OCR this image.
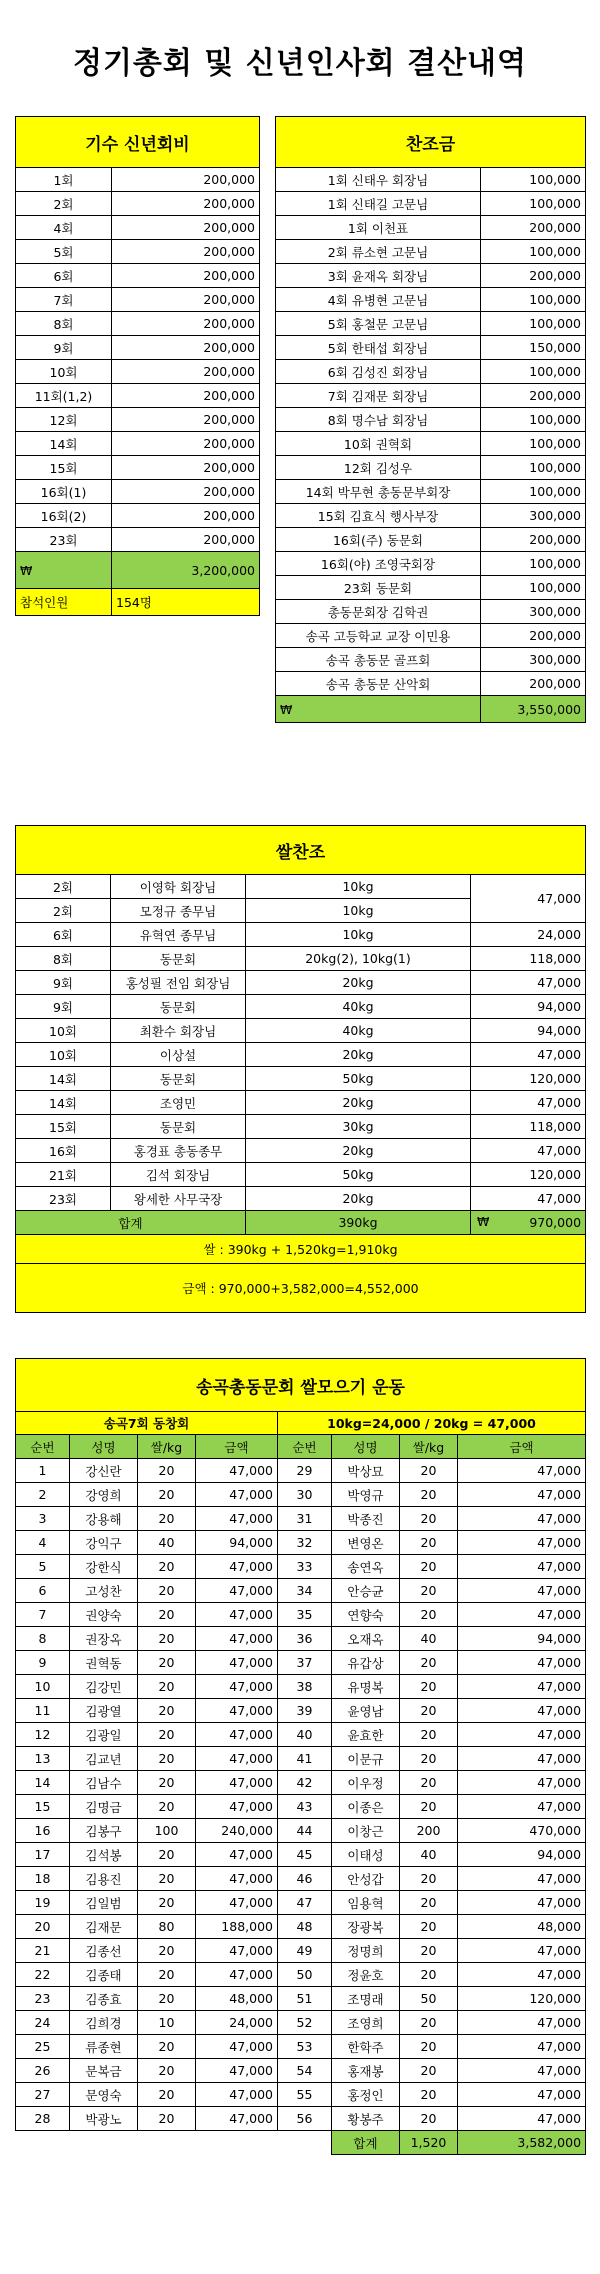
정기총회 및 신년인사회 결산내역
기수 신년회비	
1회	200,000
2회	200,000
4회	200,000
5회	200,000
6회	200,000
7회	200,000
8회	200,000
9회	200,000
10회	200,000
11회(1,2)	200,000
12회	200,000
14회	200,000
15회	200,000
16회(1)	200,000
16회(2)	200,000
23회	200,000
₩	3,200,000
참석인원	154명
찬조금	
1회 신태우 회장님	100,000
1회 신태길 고문님	100,000
1회 이천표	200,000
2회 류소현 고문님	100,000
3회 윤재옥 회장님	200,000
4회 유병현 고문님	100,000
5회 홍철문 고문님	100,000
5회 한태섭 회장님	150,000
6회 김성진 회장님	100,000
7회 김재문 회장님	200,000
8회 명수남 회장님	100,000
10회 권혁회	100,000
12회 김성우	100,000
14회 박무현 총동문부회장	100,000
15회 김효식 행사부장	300,000
16회(주) 동문회	200,000
16회(야) 조영국회장	100,000
23회 동문회	100,000
총동문회장 김학권	300,000
송곡 고등학교 교장 이민용	200,000
송곡 총동문 골프회	300,000
송곡 총동문 산악회	200,000
₩	3,550,000
쌀찬조			
2회	이영학 회장님	10kg	47,000
2회	모정규 종무님	10kg	
6회	유혁연 종무님	10kg	24,000
8회	동문회	20kg(2), 10kg(1)	118,000
9회	홍성필 전임 회장님	20kg	47,000
9회	동문회	40kg	94,000
10회	최환수 회장님	40kg	94,000
10회	이상설	20kg	47,000
14회	동문회	50kg	120,000
14회	조영민	20kg	47,000
15회	동문회	30kg	118,000
16회	홍경표 총동종무	20kg	47,000
21회	김석 회장님	50kg	120,000
23회	왕세한 사무국장	20kg	47,000
합계		390kg	₩ 970,000

쌀 : 390kg + 1,520kg=1,910kg			
금액 : 970,000+3,582,000=4,552,000			
송곡총동문회 쌀모으기 운동							
송곡7회 동창회				10kg=24,000 / 20kg = 47,000			
순번	성명	쌀/kg	금액	순번	성명	쌀/kg	금액
1	강신란	20	47,000	29	박상묘	20	47,000
2	강영희	20	47,000	30	박영규	20	47,000
3	강용해	20	47,000	31	박종진	20	47,000
4	강익구	40	94,000	32	변영온	20	47,000
5	강한식	20	47,000	33	송연옥	20	47,000
6	고성찬	20	47,000	34	안승균	20	47,000
7	권양숙	20	47,000	35	연향숙	20	47,000
8	권장옥	20	47,000	36	오재옥	40	94,000
9	권혁동	20	47,000	37	유갑상	20	47,000
10	김강민	20	47,000	38	유명복	20	47,000
11	김광열	20	47,000	39	윤영남	20	47,000
12	김광일	20	47,000	40	윤효한	20	47,000
13	김교년	20	47,000	41	이문규	20	47,000
14	김남수	20	47,000	42	이우정	20	47,000
15	김명금	20	47,000	43	이종은	20	47,000
16	김봉구	100	240,000	44	이창근	200	470,000
17	김석봉	20	47,000	45	이태성	40	94,000
18	김용진	20	47,000	46	안성갑	20	47,000
19	김일범	20	47,000	47	임용혁	20	47,000
20	김재문	80	188,000	48	장광복	20	48,000
21	김종선	20	47,000	49	정명희	20	47,000
22	김종태	20	47,000	50	정윤호	20	47,000
23	김종효	20	48,000	51	조명래	50	120,000
24	김희경	10	24,000	52	조영희	20	47,000
25	류종현	20	47,000	53	한학주	20	47,000
26	문복금	20	47,000	54	홍재봉	20	47,000
27	문영숙	20	47,000	55	홍정인	20	47,000
28	박광노	20	47,000	56	황봉주	20	47,000
					합계	1,520	3,582,000
